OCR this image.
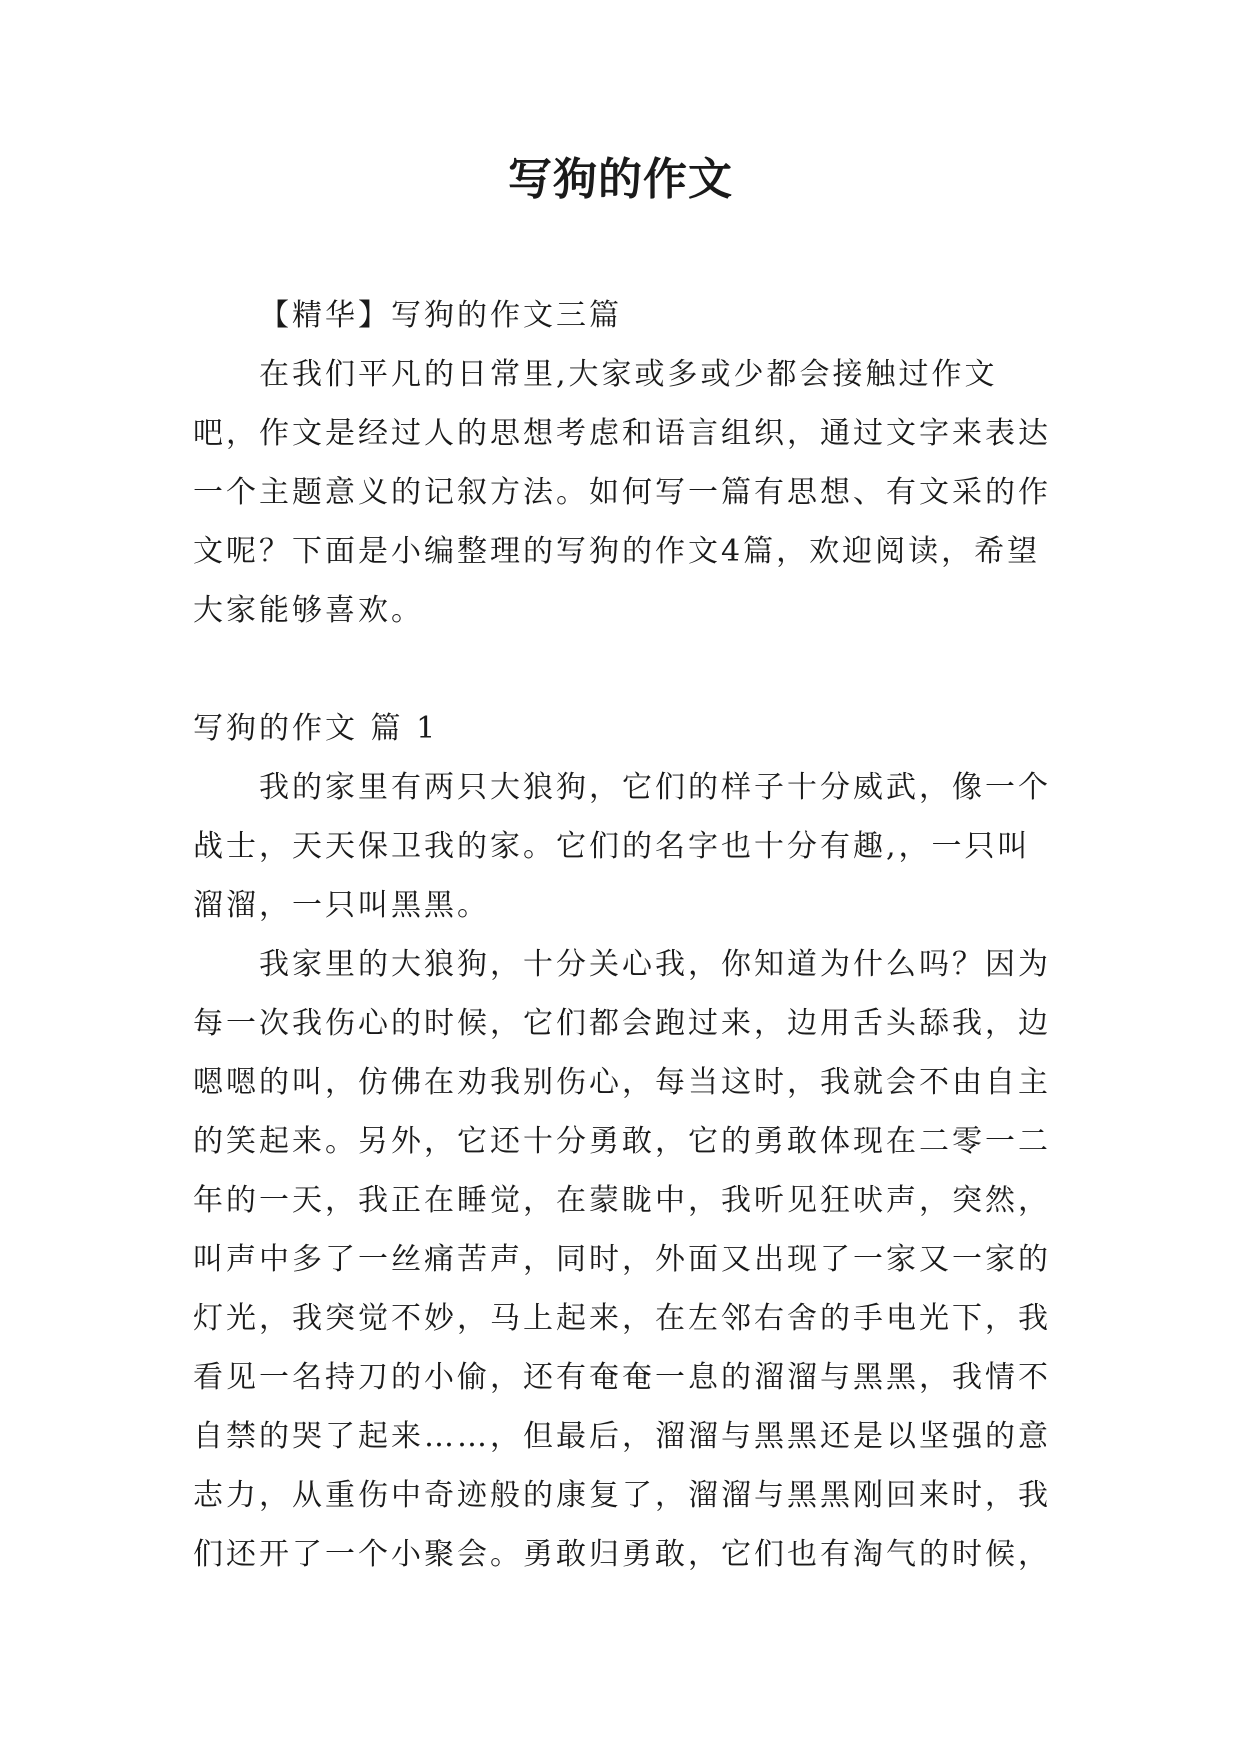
写狗的作文

【精华】写狗的作文三篇

在我们平凡的日常里,大家或多或少都会接触过作文吧，作文是经过人的思想考虑和语言组织，通过文字来表达一个主题意义的记叙方法。如何写一篇有思想、有文采的作文呢？下面是小编整理的写狗的作文4篇，欢迎阅读，希望大家能够喜欢。

写狗的作文 篇 1

我的家里有两只大狼狗，它们的样子十分威武，像一个战士，天天保卫我的家。它们的名字也十分有趣,，一只叫溜溜，一只叫黑黑。

我家里的大狼狗，十分关心我，你知道为什么吗？因为每一次我伤心的时候，它们都会跑过来，边用舌头舔我，边嗯嗯的叫，仿佛在劝我别伤心，每当这时，我就会不由自主的笑起来。另外，它还十分勇敢，它的勇敢体现在二零一二年的一天，我正在睡觉，在蒙眬中，我听见狂吠声，突然，叫声中多了一丝痛苦声，同时，外面又出现了一家又一家的灯光，我突觉不妙，马上起来，在左邻右舍的手电光下，我看见一名持刀的小偷，还有奄奄一息的溜溜与黑黑，我情不自禁的哭了起来……，但最后，溜溜与黑黑还是以坚强的意志力，从重伤中奇迹般的康复了，溜溜与黑黑刚回来时，我们还开了一个小聚会。勇敢归勇敢，它们也有淘气的时候，
